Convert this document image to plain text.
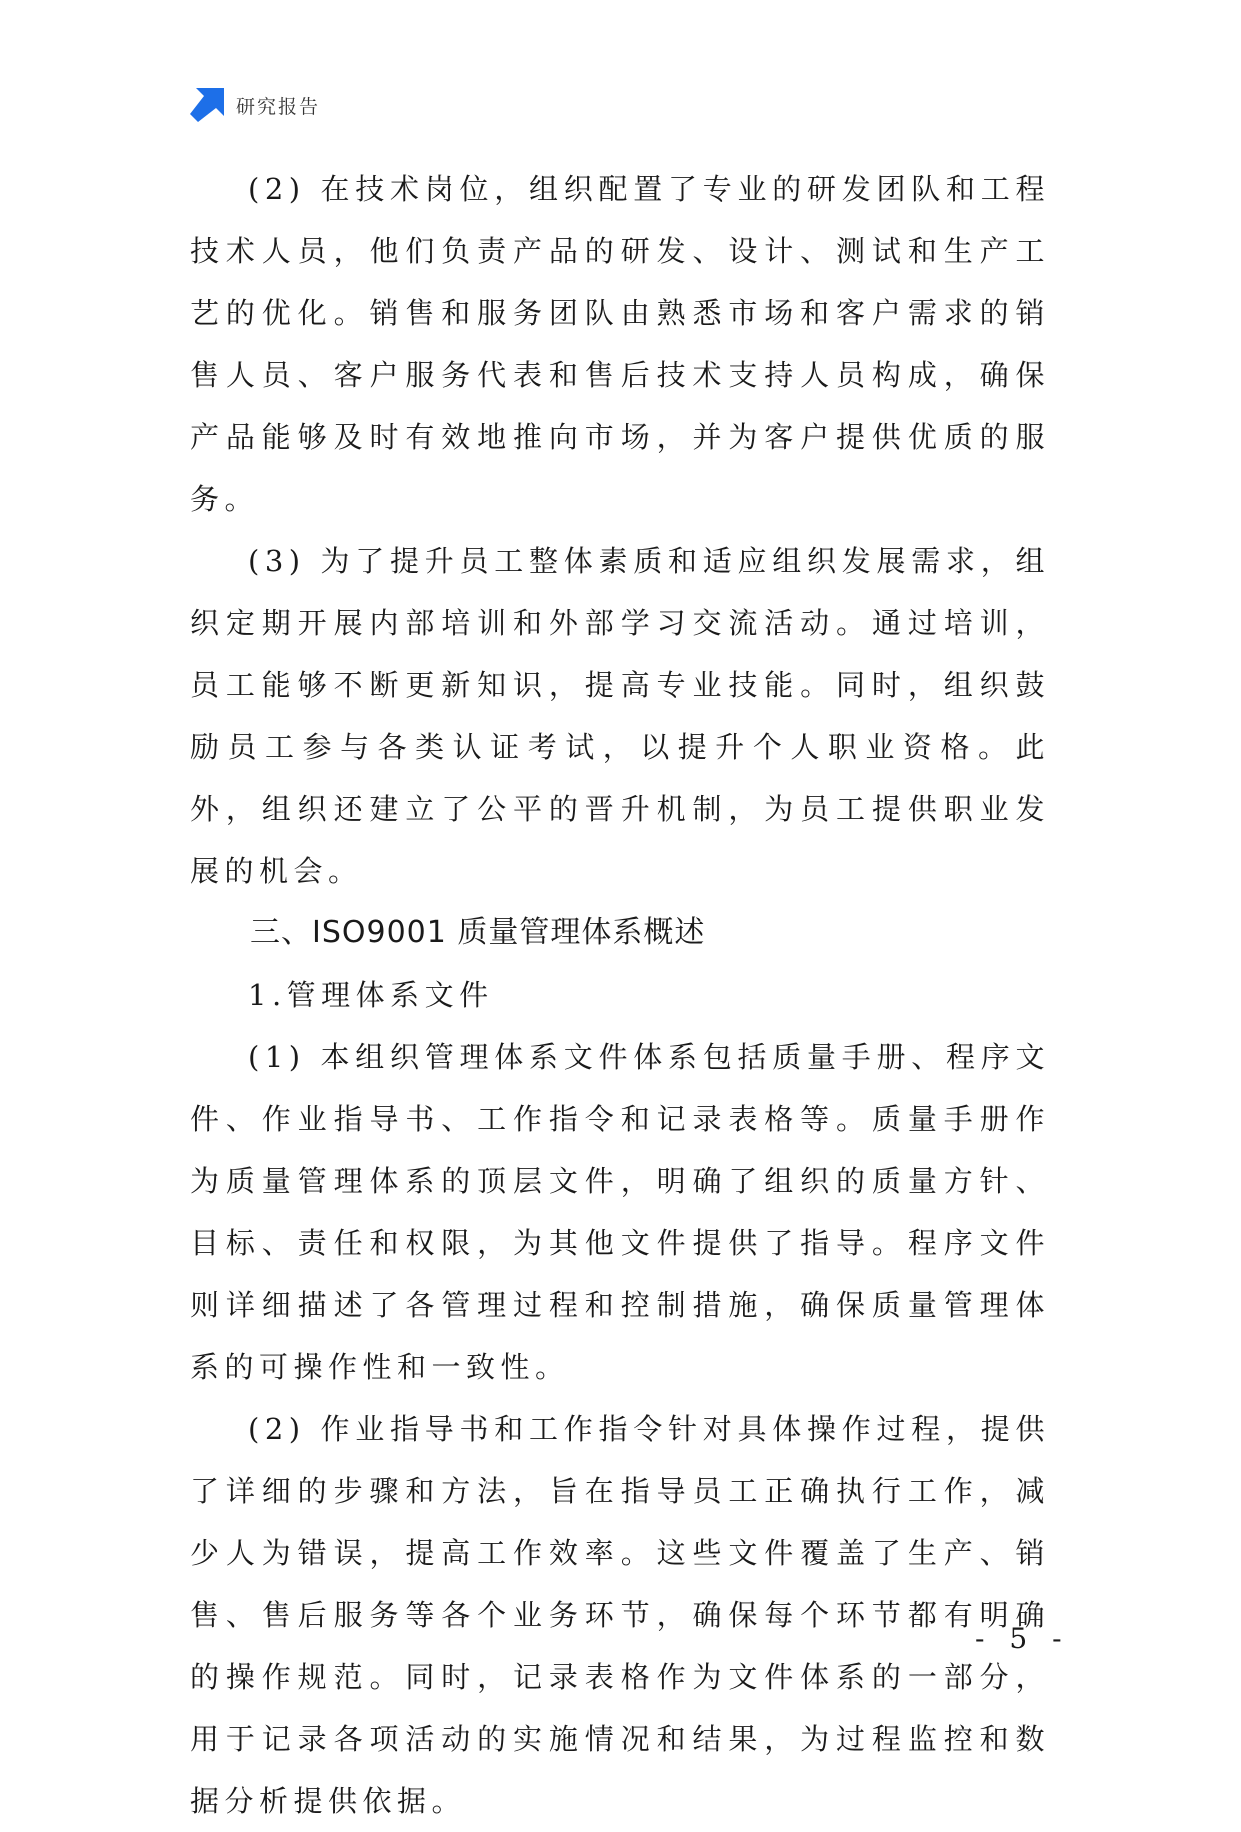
研究报告

(2) 在技术岗位，组织配置了专业的研发团队和工程技术人员，他们负责产品的研发、设计、测试和生产工艺的优化。销售和服务团队由熟悉市场和客户需求的销售人员、客户服务代表和售后技术支持人员构成，确保产品能够及时有效地推向市场，并为客户提供优质的服务。

(3) 为了提升员工整体素质和适应组织发展需求，组织定期开展内部培训和外部学习交流活动。通过培训，员工能够不断更新知识，提高专业技能。同时，组织鼓励员工参与各类认证考试，以提升个人职业资格。此外，组织还建立了公平的晋升机制，为员工提供职业发展的机会。

三、ISO9001 质量管理体系概述

1.管理体系文件

(1) 本组织管理体系文件体系包括质量手册、程序文件、作业指导书、工作指令和记录表格等。质量手册作为质量管理体系的顶层文件，明确了组织的质量方针、目标、责任和权限，为其他文件提供了指导。程序文件则详细描述了各管理过程和控制措施，确保质量管理体系的可操作性和一致性。

(2) 作业指导书和工作指令针对具体操作过程，提供了详细的步骤和方法，旨在指导员工正确执行工作，减少人为错误，提高工作效率。这些文件覆盖了生产、销售、售后服务等各个业务环节，确保每个环节都有明确的操作规范。同时，记录表格作为文件体系的一部分，用于记录各项活动的实施情况和结果，为过程监控和数据分析提供依据。

- 5 -
